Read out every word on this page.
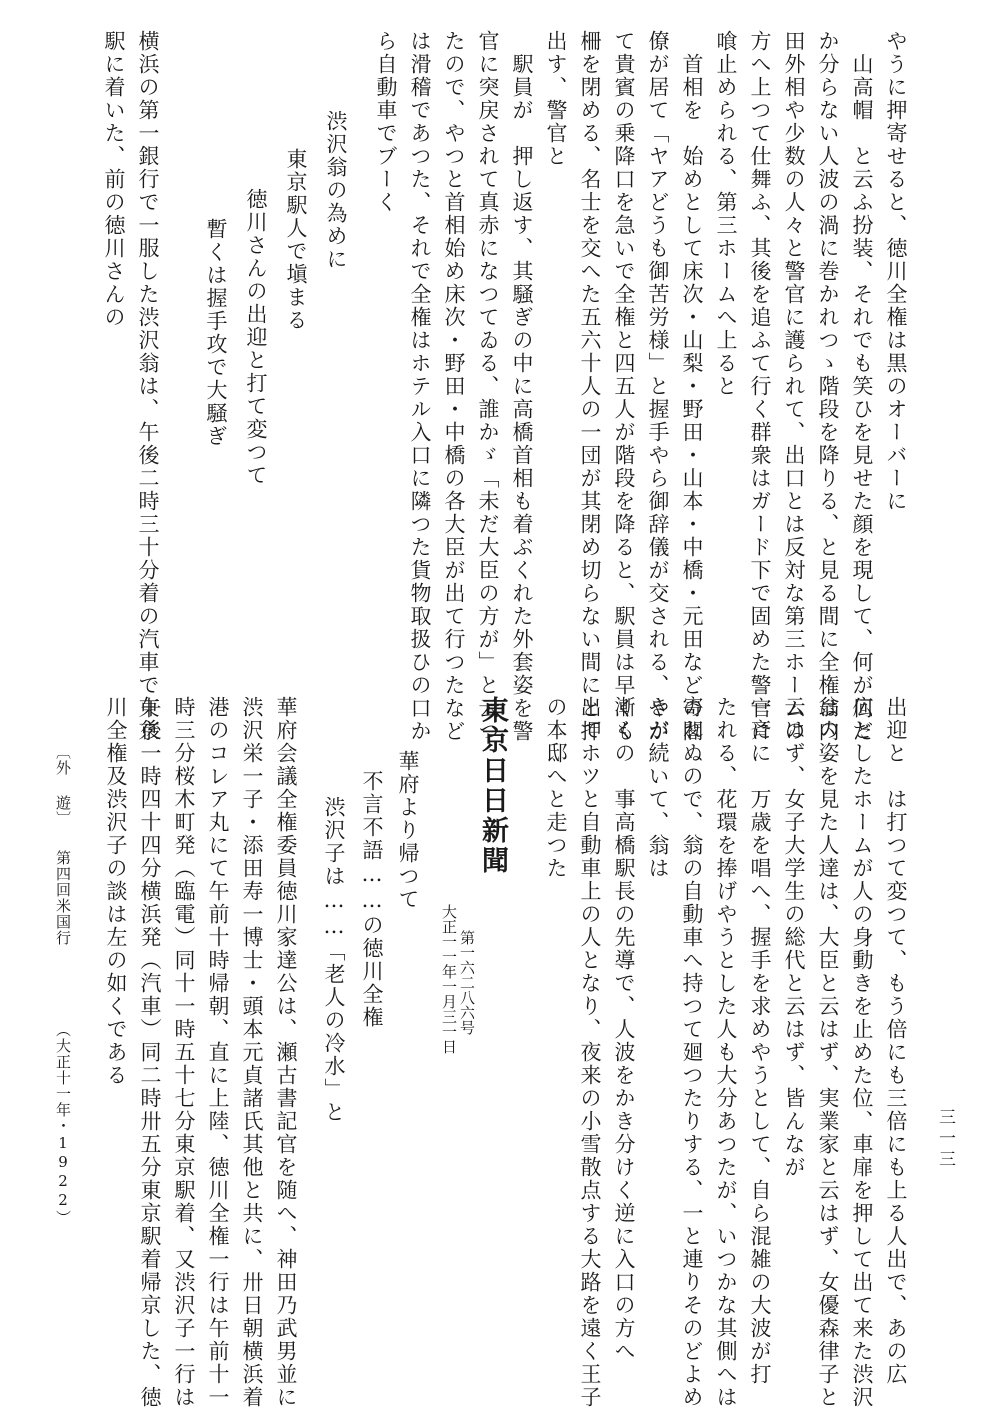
やうに押寄せると、徳川全権は黒のオーバーに
　山高帽　と云ふ扮装、それでも笑ひを見せた顔を現して、何が何だ
か分らない人波の渦に巻かれつゝ階段を降りる、と見る間に全権は内
田外相や少数の人々と警官に護られて、出口とは反対な第三ホームの
方へ上つて仕舞ふ、其後を追ふて行く群衆はガード下で固めた警官に
喰止められる、第三ホームへ上ると
　首相を　始めとして床次・山梨・野田・山本・中橋・元田などの閣
僚が居て「ヤアどうも御苦労様」と握手やら御辞儀が交される、やが
て貴賓の乗降口を急いで全権と四五人が階段を降ると、駅員は早くも
柵を閉める、名士を交へた五六十人の一団が其閉め切らない間にと押
出す、警官と
　駅員が　押し返す、其騒ぎの中に高橋首相も着ぶくれた外套姿を警
官に突戻されて真赤になつてゐる、誰かゞ「未だ大臣の方が」と云つ
たので、やつと首相始め床次・野田・中橋の各大臣が出て行つたなど
は滑稽であつた、それで全権はホテル入口に隣つた貨物取扱ひの口か
ら自動車でブーく
渋沢翁の為めに
東京駅人で塡まる
徳川さんの出迎と打て変つて
暫くは握手攻で大騒ぎ
横浜の第一銀行で一服した渋沢翁は、午後二時三十分着の汽車で東京
駅に着いた、前の徳川さんの
〔外 遊〕
第四回米国行
（大正十一年・1922）	出迎と　は打つて変つて、もう倍にも三倍にも上る人出で、あの広
広としたホームが人の身動きを止めた位、車扉を押して出て来た渋沢
翁の姿を見た人達は、大臣と云はず、実業家と云はず、女優森律子と
云はず、女子大学生の総代と云はず、皆んなが
一斉に　万歳を唱へ、握手を求めやうとして、自ら混雑の大波が打
たれる、花環を捧げやうとした人も大分あつたが、いつかな其側へは
寄れぬので、翁の自動車へ持つて廻つたりする、一と連りそのどよめ
きが続いて、翁は
漸くの　事高橋駅長の先導で、人波をかき分けく逆に入口の方へ
出てホツと自動車上の人となり、夜来の小雪散点する大路を遠く王子
の本邸へと走つた
東京日日新聞
第一六二八六号
大正一一年一月三一日
華府より帰つて
不言不語……の徳川全権
渋沢子は……「老人の冷水」と
華府会議全権委員徳川家達公は、瀬古書記官を随へ、神田乃武男並に
渋沢栄一子・添田寿一博士・頭本元貞諸氏其他と共に、卅日朝横浜着
港のコレア丸にて午前十時帰朝、直に上陸、徳川全権一行は午前十一
時三分桜木町発（臨電）同十一時五十七分東京駅着、又渋沢子一行は
午後一時四十四分横浜発（汽車）同二時卅五分東京駅着帰京した、徳
川全権及渋沢子の談は左の如くである
三一三
